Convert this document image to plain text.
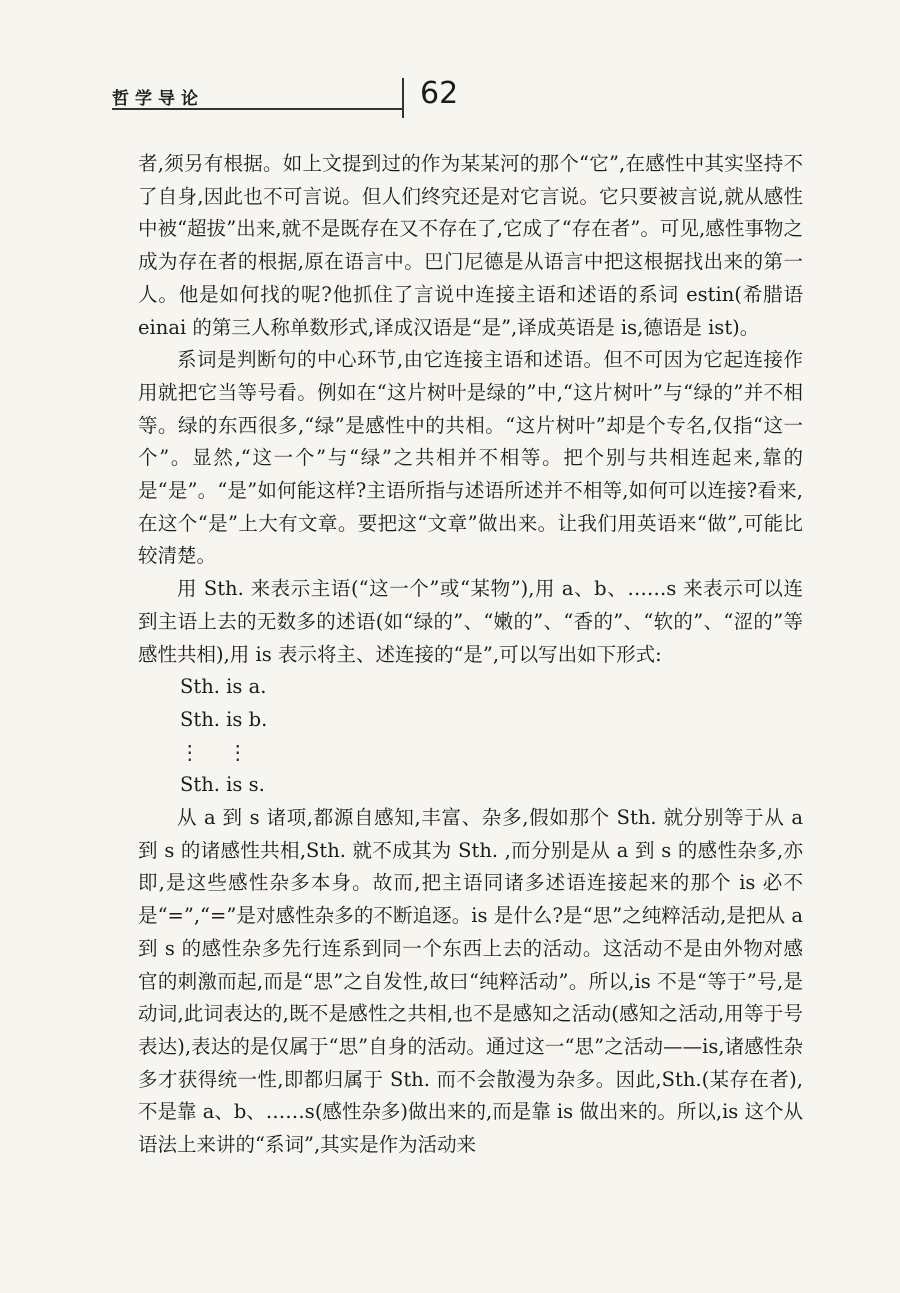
哲学导论	62

者,须另有根据。如上文提到过的作为某某河的那个“它”,在感性中其实坚持不了自身,因此也不可言说。但人们终究还是对它言说。它只要被言说,就从感性中被“超拔”出来,就不是既存在又不存在了,它成了“存在者”。可见,感性事物之成为存在者的根据,原在语言中。巴门尼德是从语言中把这根据找出来的第一人。他是如何找的呢?他抓住了言说中连接主语和述语的系词 estin(希腊语 einai 的第三人称单数形式,译成汉语是“是”,译成英语是 is,德语是 ist)。

系词是判断句的中心环节,由它连接主语和述语。但不可因为它起连接作用就把它当等号看。例如在“这片树叶是绿的”中,“这片树叶”与“绿的”并不相等。绿的东西很多,“绿”是感性中的共相。“这片树叶”却是个专名,仅指“这一个”。显然,“这一个”与“绿”之共相并不相等。把个别与共相连起来,靠的是“是”。“是”如何能这样?主语所指与述语所述并不相等,如何可以连接?看来,在这个“是”上大有文章。要把这“文章”做出来。让我们用英语来“做”,可能比较清楚。

用 Sth. 来表示主语(“这一个”或“某物”),用 a、b、……s 来表示可以连到主语上去的无数多的述语(如“绿的”、“嫩的”、“香的”、“软的”、“涩的”等感性共相),用 is 表示将主、述连接的“是”,可以写出如下形式:

Sth. is a.
Sth. is b.
⋮ ⋮
Sth. is s.

从 a 到 s 诸项,都源自感知,丰富、杂多,假如那个 Sth. 就分别等于从 a 到 s 的诸感性共相,Sth. 就不成其为 Sth. ,而分别是从 a 到 s 的感性杂多,亦即,是这些感性杂多本身。故而,把主语同诸多述语连接起来的那个 is 必不是“=”,“=”是对感性杂多的不断追逐。is 是什么?是“思”之纯粹活动,是把从 a 到 s 的感性杂多先行连系到同一个东西上去的活动。这活动不是由外物对感官的刺激而起,而是“思”之自发性,故曰“纯粹活动”。所以,is 不是“等于”号,是动词,此词表达的,既不是感性之共相,也不是感知之活动(感知之活动,用等于号表达),表达的是仅属于“思”自身的活动。通过这一“思”之活动——is,诸感性杂多才获得统一性,即都归属于 Sth. 而不会散漫为杂多。因此,Sth.(某存在者),不是靠 a、b、……s(感性杂多)做出来的,而是靠 is 做出来的。所以,is 这个从语法上来讲的“系词”,其实是作为活动来
